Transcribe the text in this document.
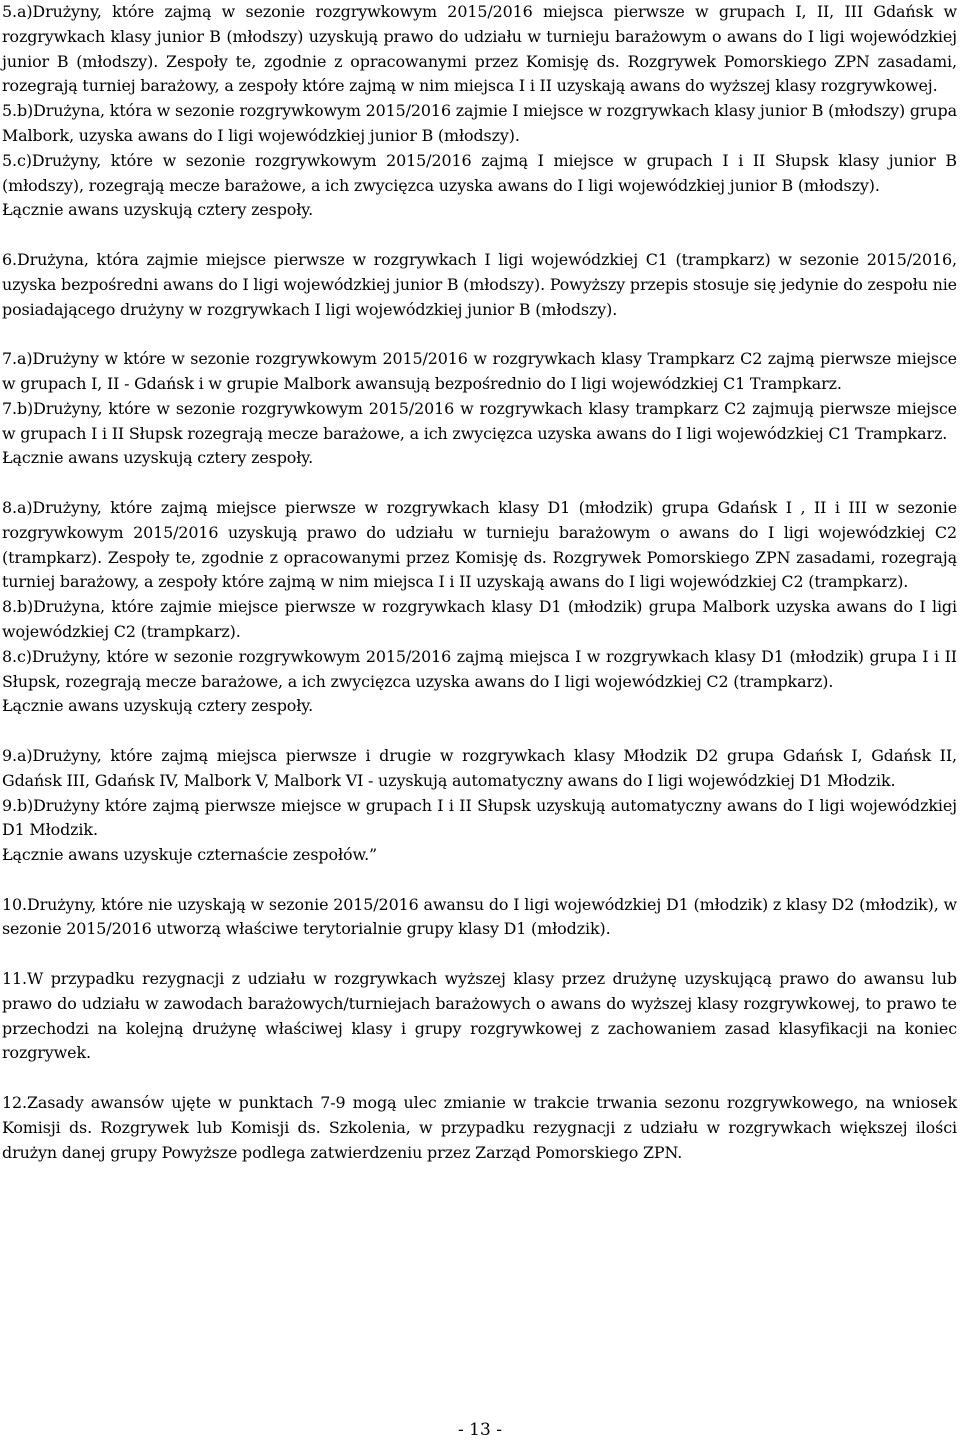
5.a)Drużyny, które zajmą w sezonie rozgrywkowym 2015/2016 miejsca pierwsze w grupach I, II, III Gdańsk w rozgrywkach klasy junior B (młodszy) uzyskują prawo do udziału w turnieju barażowym o awans do I ligi wojewódzkiej junior B (młodszy). Zespoły te, zgodnie z opracowanymi przez Komisję ds. Rozgrywek Pomorskiego ZPN zasadami, rozegrają turniej barażowy, a zespoły które zajmą w nim miejsca I i II uzyskają awans do wyższej klasy rozgrywkowej.

5.b)Drużyna, która w sezonie rozgrywkowym 2015/2016 zajmie I miejsce w rozgrywkach klasy junior B (młodszy) grupa Malbork, uzyska awans do I ligi wojewódzkiej junior B (młodszy).

5.c)Drużyny, które w sezonie rozgrywkowym 2015/2016 zajmą I miejsce w grupach I i II Słupsk klasy junior B (młodszy), rozegrają mecze barażowe, a ich zwycięzca uzyska awans do I ligi wojewódzkiej junior B (młodszy).

Łącznie awans uzyskują cztery zespoły.

6.Drużyna, która zajmie miejsce pierwsze w rozgrywkach I ligi wojewódzkiej C1 (trampkarz) w sezonie 2015/2016, uzyska bezpośredni awans do I ligi wojewódzkiej junior B (młodszy). Powyższy przepis stosuje się jedynie do zespołu nie posiadającego drużyny w rozgrywkach I ligi wojewódzkiej junior B (młodszy).

7.a)Drużyny w które w sezonie rozgrywkowym 2015/2016 w rozgrywkach klasy Trampkarz C2 zajmą pierwsze miejsce w grupach I, II - Gdańsk i w grupie Malbork awansują bezpośrednio do I ligi wojewódzkiej C1 Trampkarz.

7.b)Drużyny, które w sezonie rozgrywkowym 2015/2016 w rozgrywkach klasy trampkarz C2 zajmują pierwsze miejsce w grupach I i II Słupsk rozegrają mecze barażowe, a ich zwycięzca uzyska awans do I ligi wojewódzkiej C1 Trampkarz.

Łącznie awans uzyskują cztery zespoły.

8.a)Drużyny, które zajmą miejsce pierwsze w rozgrywkach klasy D1 (młodzik) grupa Gdańsk I , II i III w sezonie rozgrywkowym 2015/2016 uzyskują prawo do udziału w turnieju barażowym o awans do I ligi wojewódzkiej C2 (trampkarz). Zespoły te, zgodnie z opracowanymi przez Komisję ds. Rozgrywek Pomorskiego ZPN zasadami, rozegrają turniej barażowy, a zespoły które zajmą w nim miejsca I i II uzyskają awans do I ligi wojewódzkiej C2 (trampkarz).

8.b)Drużyna, które zajmie miejsce pierwsze w rozgrywkach klasy D1 (młodzik) grupa Malbork uzyska awans do I ligi wojewódzkiej C2 (trampkarz).

8.c)Drużyny, które w sezonie rozgrywkowym 2015/2016 zajmą miejsca I w rozgrywkach klasy D1 (młodzik) grupa I i II Słupsk, rozegrają mecze barażowe, a ich zwycięzca uzyska awans do I ligi wojewódzkiej C2 (trampkarz).

Łącznie awans uzyskują cztery zespoły.

9.a)Drużyny, które zajmą miejsca pierwsze i drugie w rozgrywkach klasy Młodzik D2 grupa Gdańsk I, Gdańsk II, Gdańsk III, Gdańsk IV, Malbork V, Malbork VI - uzyskują automatyczny awans do I ligi wojewódzkiej D1 Młodzik.

9.b)Drużyny które zajmą pierwsze miejsce w grupach I i II Słupsk uzyskują automatyczny awans do I ligi wojewódzkiej D1 Młodzik.

Łącznie awans uzyskuje czternaście zespołów.”

10.Drużyny, które nie uzyskają w sezonie 2015/2016 awansu do I ligi wojewódzkiej D1 (młodzik) z klasy D2 (młodzik), w sezonie 2015/2016 utworzą właściwe terytorialnie grupy klasy D1 (młodzik).

11.W przypadku rezygnacji z udziału w rozgrywkach wyższej klasy przez drużynę uzyskującą prawo do awansu lub prawo do udziału w zawodach barażowych/turniejach barażowych o awans do wyższej klasy rozgrywkowej, to prawo te przechodzi na kolejną drużynę właściwej klasy i grupy rozgrywkowej z zachowaniem zasad klasyfikacji na koniec rozgrywek.

12.Zasady awansów ujęte w punktach 7-9 mogą ulec zmianie w trakcie trwania sezonu rozgrywkowego, na wniosek Komisji ds. Rozgrywek lub Komisji ds. Szkolenia, w przypadku rezygnacji z udziału w rozgrywkach większej ilości drużyn danej grupy Powyższe podlega zatwierdzeniu przez Zarząd Pomorskiego ZPN.

- 13 -
